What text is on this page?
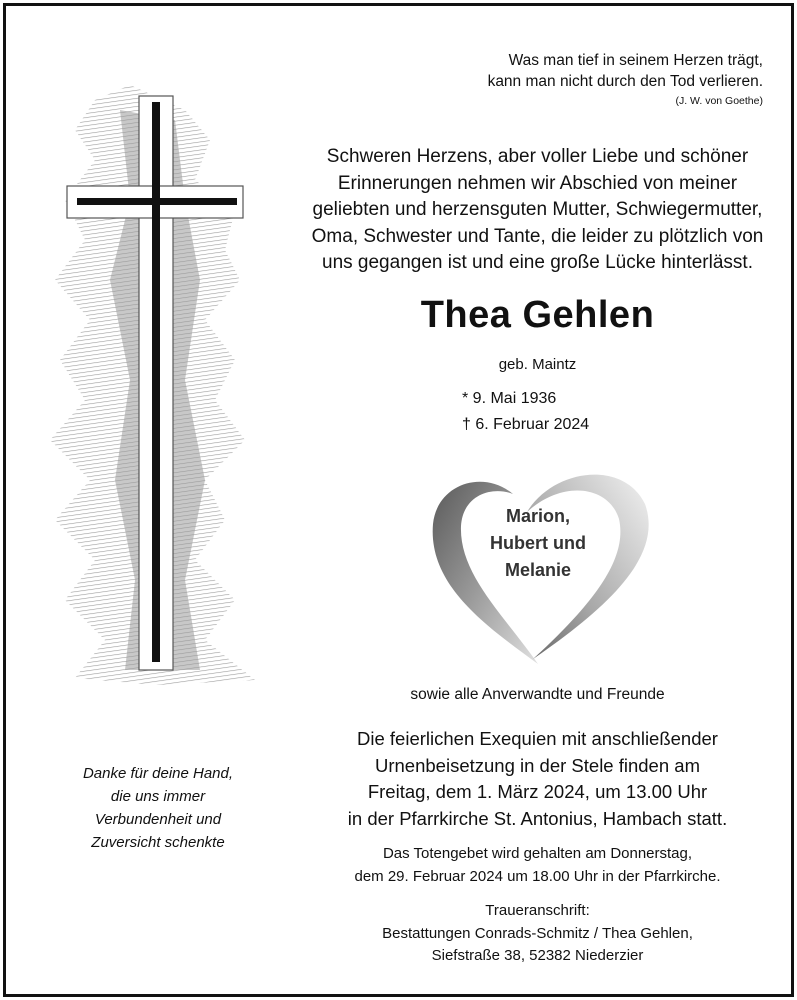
Was man tief in seinem Herzen trägt,
kann man nicht durch den Tod verlieren.
(J. W. von Goethe)
Schweren Herzens, aber voller Liebe und schöner
Erinnerungen nehmen wir Abschied von meiner
geliebten und herzensguten Mutter, Schwiegermutter,
Oma, Schwester und Tante, die leider zu plötzlich von
uns gegangen ist und eine große Lücke hinterlässt.
Thea Gehlen
geb. Maintz
* 9. Mai 1936
† 6. Februar 2024
Marion,
Hubert und
Melanie
sowie alle Anverwandte und Freunde
Die feierlichen Exequien mit anschließender
Urnenbeisetzung in der Stele finden am
Freitag, dem 1. März 2024, um 13.00 Uhr
in der Pfarrkirche St. Antonius, Hambach statt.
Das Totengebet wird gehalten am Donnerstag,
dem 29. Februar 2024 um 18.00 Uhr in der Pfarrkirche.
Traueranschrift:
Bestattungen Conrads-Schmitz / Thea Gehlen,
Siefstraße 38, 52382 Niederzier
Danke für deine Hand,
die uns immer
Verbundenheit und
Zuversicht schenkte
